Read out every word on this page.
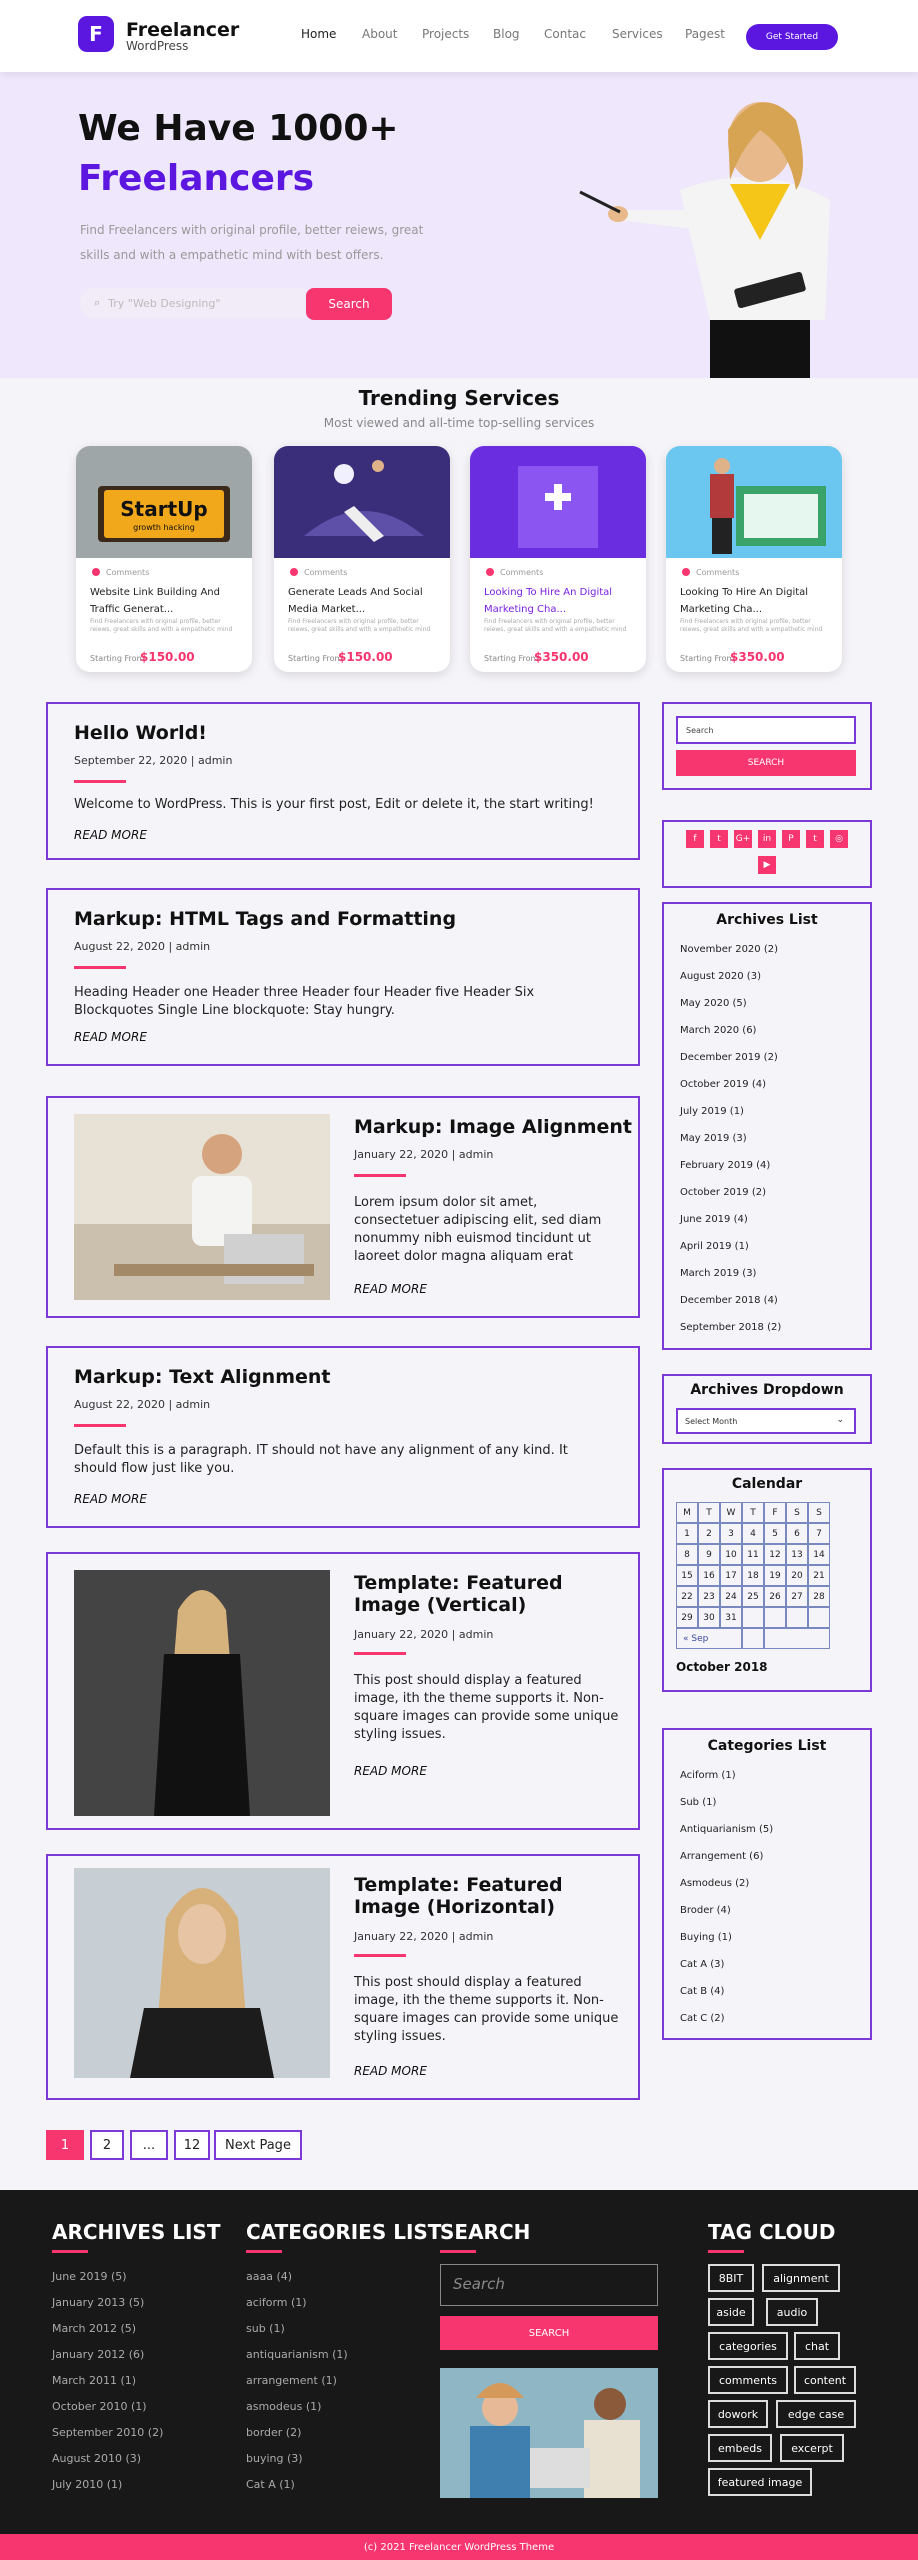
F	Freelancer
WordPress
Home About Projects Blog Contac Services Pagest	Get Started
We Have 1000+
Freelancers
Find Freelancers with original profile, better reiews, great skills and with a empathetic mind with best offers.
⌕ Try "Web Designing"	Search
Trending Services
Most viewed and all-time top-selling services
StartUp
growth hacking
Comments
Website Link Building And Traffic Generat...
Find Freelancers with original profile, better reiews, great skills and with a empathetic mind
Starting From
$150.00
Comments
Generate Leads And Social Media Market...
Find Freelancers with original profile, better reiews, great skills and with a empathetic mind
Starting From
$150.00
Comments
Looking To Hire An Digital Marketing Cha...
Find Freelancers with original profile, better reiews, great skills and with a empathetic mind
Starting From
$350.00
Comments
Looking To Hire An Digital Marketing Cha...
Find Freelancers with original profile, better reiews, great skills and with a empathetic mind
Starting From
$350.00
Hello World!
September 22, 2020 | admin
Welcome to WordPress. This is your first post, Edit or delete it, the start writing!
READ MORE
Markup: HTML Tags and Formatting
August 22, 2020 | admin
Heading Header one Header three Header four Header five Header Six Blockquotes Single Line blockquote: Stay hungry.
READ MORE
Markup: Image Alignment
January 22, 2020 | admin
Lorem ipsum dolor sit amet, consectetuer adipiscing elit, sed diam nonummy nibh euismod tincidunt ut laoreet dolor magna aliquam erat
READ MORE
Markup: Text Alignment
August 22, 2020 | admin
Default this is a paragraph. IT should not have any alignment of any kind. It should flow just like you.
READ MORE
Template: Featured Image (Vertical)
January 22, 2020 | admin
This post should display a featured image, ith the theme supports it. Non-square images can provide some unique styling issues.
READ MORE
Template: Featured Image (Horizontal)
January 22, 2020 | admin
This post should display a featured image, ith the theme supports it. Non-square images can provide some unique styling issues.
READ MORE
Search
SEARCH
f	t	G+	in	P	t	◎
▶
Archives List
November 2020 (2)
August 2020 (3)
May 2020 (5)
March 2020 (6)
December 2019 (2)
October 2019 (4)
July 2019 (1)
May 2019 (3)
February 2019 (4)
October 2019 (2)
June 2019 (4)
April 2019 (1)
March 2019 (3)
December 2018 (4)
September 2018 (2)
Archives Dropdown
Select Month	⌄
Calendar
M	T	W	T	F	S	S
1	2	3	4	5	6	7
8	9	10	11	12	13	14
15	16	17	18	19	20	21
22	23	24	25	26	27	28
29	30	31
« Sep
October 2018
Categories List
Aciform (1)
Sub (1)
Antiquarianism (5)
Arrangement (6)
Asmodeus (2)
Broder (4)
Buying (1)
Cat A (3)
Cat B (4)
Cat C (2)
1	2	...	12	Next Page
ARCHIVES LIST
June 2019 (5)
January 2013 (5)
March 2012 (5)
January 2012 (6)
March 2011 (1)
October 2010 (1)
September 2010 (2)
August 2010 (3)
July 2010 (1)
CATEGORIES LIST
aaaa (4)
aciform (1)
sub (1)
antiquarianism (1)
arrangement (1)
asmodeus (1)
border (2)
buying (3)
Cat A (1)
SEARCH
Search
SEARCH
TAG CLOUD
8BIT	alignment
aside	audio
categories	chat
comments	content
dowork	edge case
embeds	excerpt
featured image
(c) 2021 Freelancer WordPress Theme
